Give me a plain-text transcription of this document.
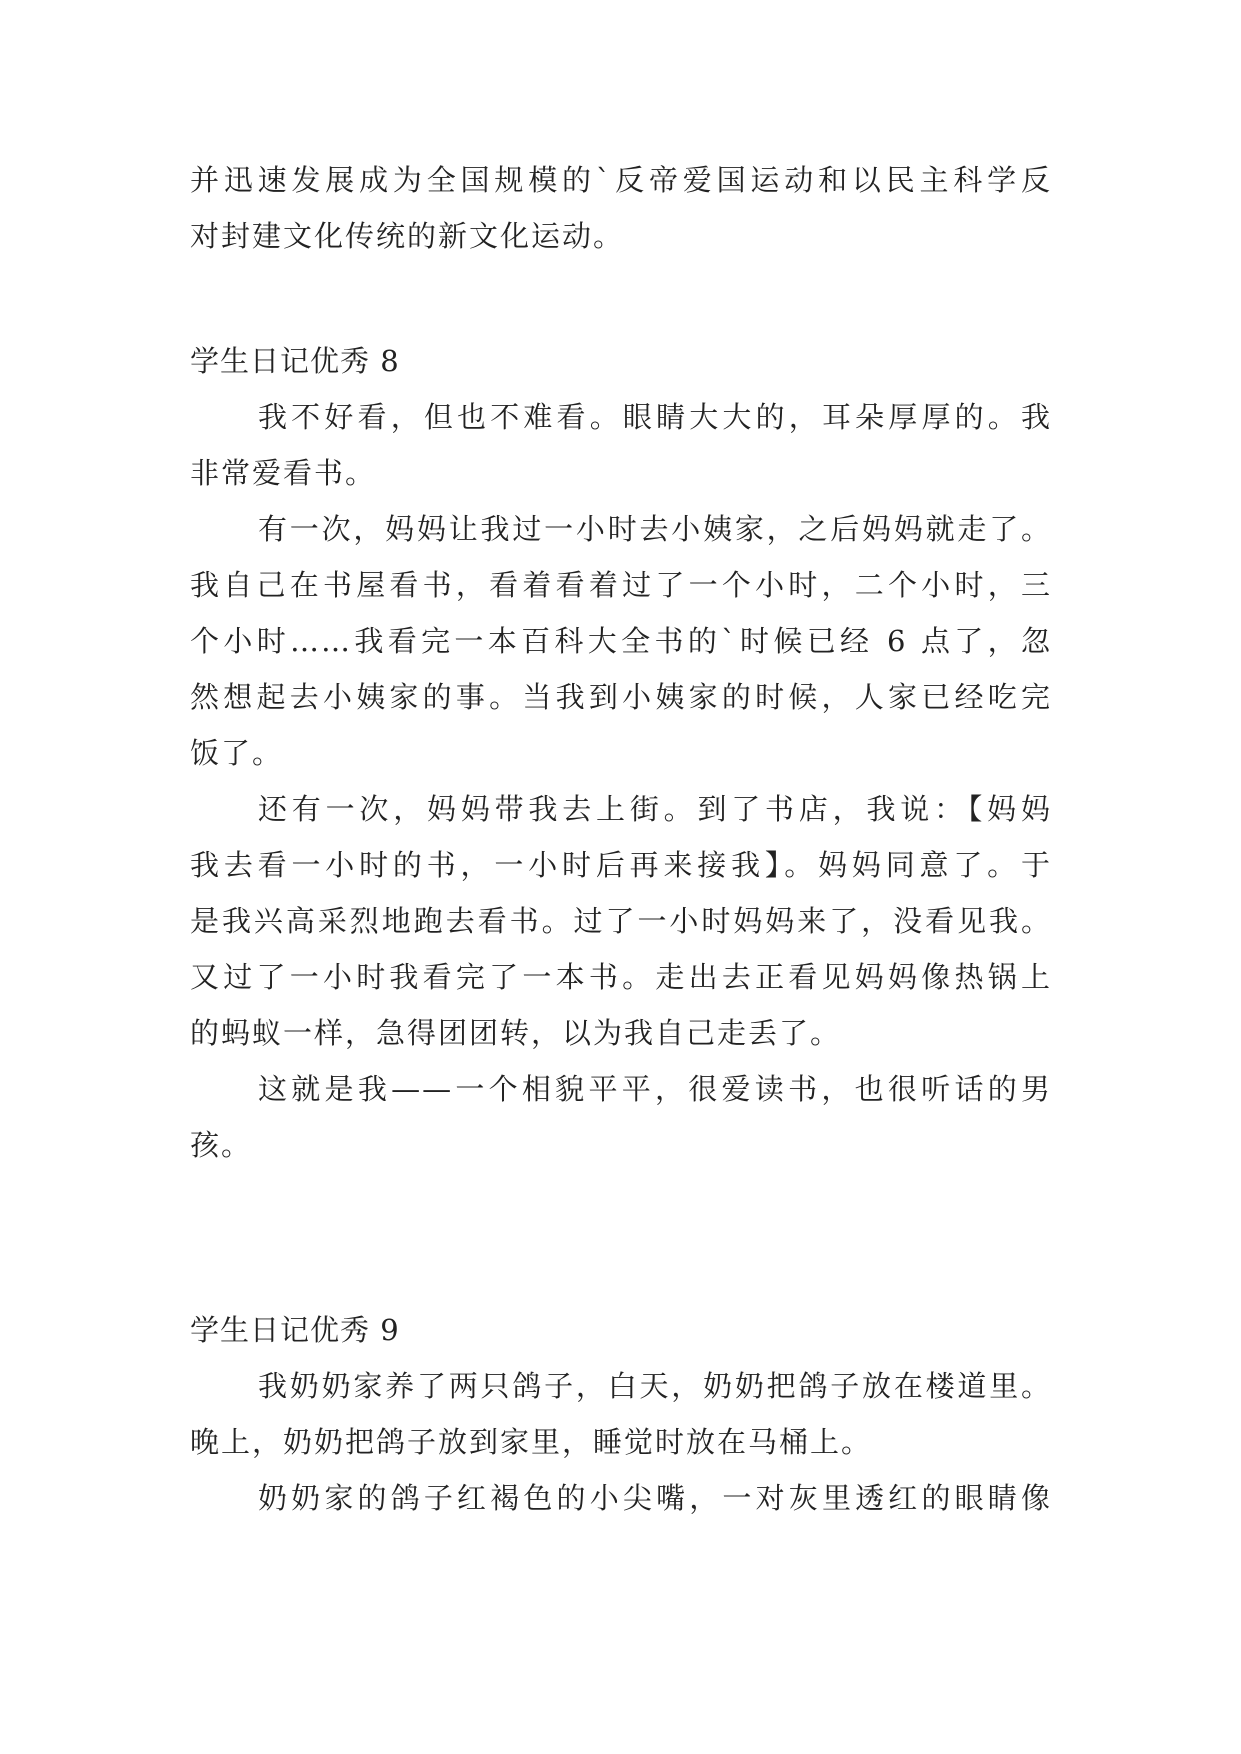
并迅速发展成为全国规模的`反帝爱国运动和以民主科学反
对封建文化传统的新文化运动。
学生日记优秀 8
我不好看，但也不难看。眼睛大大的，耳朵厚厚的。我
非常爱看书。
有一次，妈妈让我过一小时去小姨家，之后妈妈就走了。
我自己在书屋看书，看着看着过了一个小时，二个小时，三
个小时……我看完一本百科大全书的`时候已经 6 点了，忽
然想起去小姨家的事。当我到小姨家的时候，人家已经吃完
饭了。
还有一次，妈妈带我去上街。到了书店，我说：【妈妈
我去看一小时的书，一小时后再来接我】。妈妈同意了。于
是我兴高采烈地跑去看书。过了一小时妈妈来了，没看见我。
又过了一小时我看完了一本书。走出去正看见妈妈像热锅上
的蚂蚁一样，急得团团转，以为我自己走丢了。
这就是我——一个相貌平平，很爱读书，也很听话的男
孩。
学生日记优秀 9
我奶奶家养了两只鸽子，白天，奶奶把鸽子放在楼道里。
晚上，奶奶把鸽子放到家里，睡觉时放在马桶上。
奶奶家的鸽子红褐色的小尖嘴，一对灰里透红的眼睛像
